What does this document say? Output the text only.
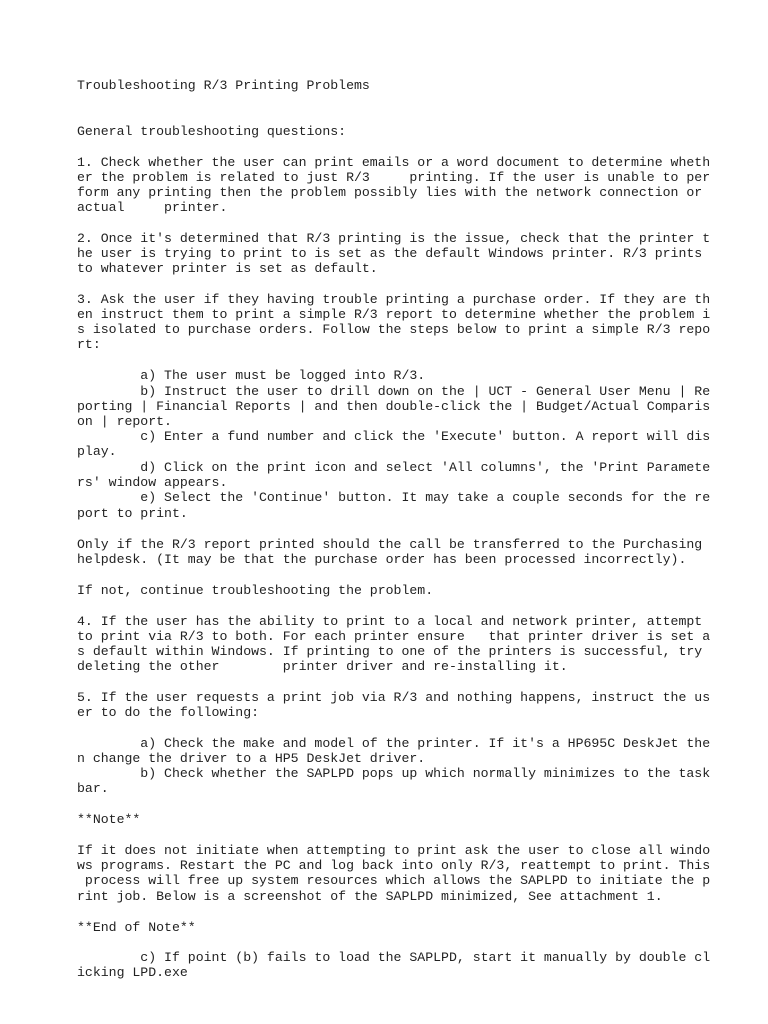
Troubleshooting R/3 Printing Problems

General troubleshooting questions:

1. Check whether the user can print emails or a word document to determine wheth

er the problem is related to just R/3     printing. If the user is unable to per

form any printing then the problem possibly lies with the network connection or

actual     printer.

2. Once it's determined that R/3 printing is the issue, check that the printer t

he user is trying to print to is set as the default Windows printer. R/3 prints

to whatever printer is set as default.

3. Ask the user if they having trouble printing a purchase order. If they are th

en instruct them to print a simple R/3 report to determine whether the problem i

s isolated to purchase orders. Follow the steps below to print a simple R/3 repo

rt:

a) The user must be logged into R/3.

b) Instruct the user to drill down on the | UCT - General User Menu | Re

porting | Financial Reports | and then double-click the | Budget/Actual Comparis

on | report.

c) Enter a fund number and click the 'Execute' button. A report will dis

play.

d) Click on the print icon and select 'All columns', the 'Print Paramete

rs' window appears.

e) Select the 'Continue' button. It may take a couple seconds for the re

port to print.

Only if the R/3 report printed should the call be transferred to the Purchasing

helpdesk. (It may be that the purchase order has been processed incorrectly).

If not, continue troubleshooting the problem.

4. If the user has the ability to print to a local and network printer, attempt

to print via R/3 to both. For each printer ensure   that printer driver is set a

s default within Windows. If printing to one of the printers is successful, try

deleting the other        printer driver and re-installing it.

5. If the user requests a print job via R/3 and nothing happens, instruct the us

er to do the following:

a) Check the make and model of the printer. If it's a HP695C DeskJet the

n change the driver to a HP5 DeskJet driver.

b) Check whether the SAPLPD pops up which normally minimizes to the task

bar.

**Note**

If it does not initiate when attempting to print ask the user to close all windo

ws programs. Restart the PC and log back into only R/3, reattempt to print. This

process will free up system resources which allows the SAPLPD to initiate the p

rint job. Below is a screenshot of the SAPLPD minimized, See attachment 1.

**End of Note**

c) If point (b) fails to load the SAPLPD, start it manually by double cl

icking LPD.exe
